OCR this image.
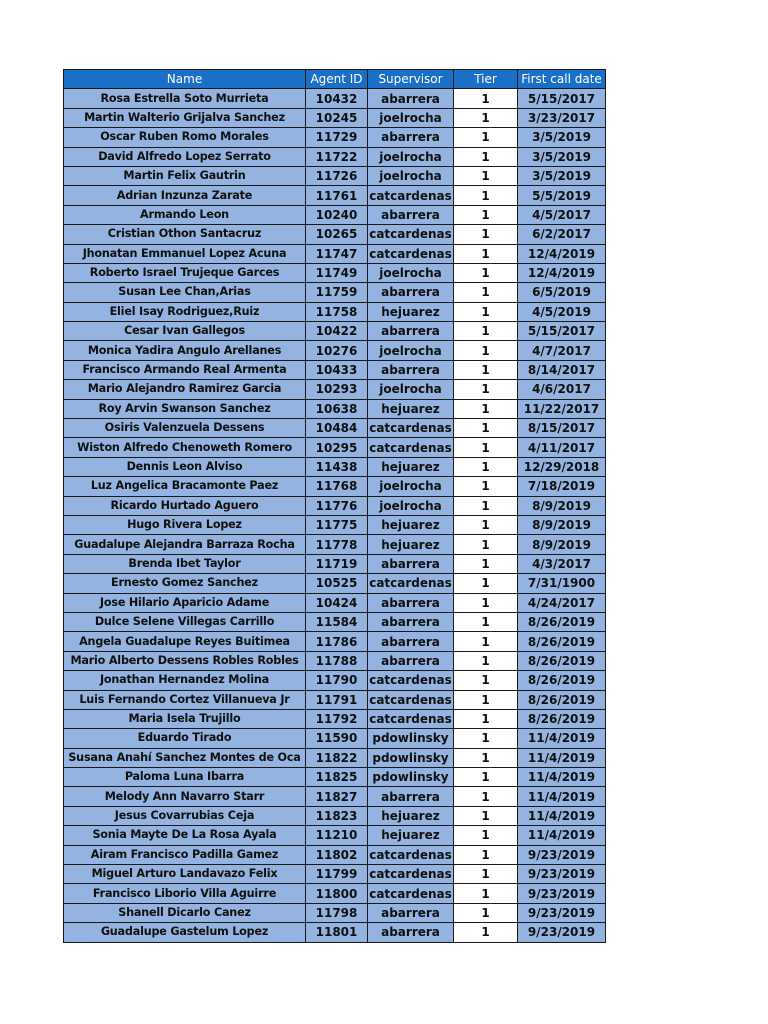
Name	Agent ID	Supervisor	Tier	First call date
Rosa Estrella Soto Murrieta	10432	abarrera	1	5/15/2017
Martin Walterio Grijalva Sanchez	10245	joelrocha	1	3/23/2017
Oscar Ruben Romo Morales	11729	abarrera	1	3/5/2019
David Alfredo Lopez Serrato	11722	joelrocha	1	3/5/2019
Martin Felix Gautrin	11726	joelrocha	1	3/5/2019
Adrian Inzunza Zarate	11761	catcardenas	1	5/5/2019
Armando Leon	10240	abarrera	1	4/5/2017
Cristian Othon Santacruz	10265	catcardenas	1	6/2/2017
Jhonatan Emmanuel Lopez Acuna	11747	catcardenas	1	12/4/2019
Roberto Israel Trujeque Garces	11749	joelrocha	1	12/4/2019
Susan Lee Chan,Arias	11759	abarrera	1	6/5/2019
Eliel Isay Rodriguez,Ruiz	11758	hejuarez	1	4/5/2019
Cesar Ivan Gallegos	10422	abarrera	1	5/15/2017
Monica Yadira Angulo Arellanes	10276	joelrocha	1	4/7/2017
Francisco Armando Real Armenta	10433	abarrera	1	8/14/2017
Mario Alejandro Ramirez Garcia	10293	joelrocha	1	4/6/2017
Roy Arvin Swanson Sanchez	10638	hejuarez	1	11/22/2017
Osiris Valenzuela Dessens	10484	catcardenas	1	8/15/2017
Wiston Alfredo Chenoweth Romero	10295	catcardenas	1	4/11/2017
Dennis Leon Alviso	11438	hejuarez	1	12/29/2018
Luz Angelica Bracamonte Paez	11768	joelrocha	1	7/18/2019
Ricardo Hurtado Aguero	11776	joelrocha	1	8/9/2019
Hugo Rivera Lopez	11775	hejuarez	1	8/9/2019
Guadalupe Alejandra Barraza Rocha	11778	hejuarez	1	8/9/2019
Brenda Ibet Taylor	11719	abarrera	1	4/3/2017
Ernesto Gomez Sanchez	10525	catcardenas	1	7/31/1900
Jose Hilario Aparicio Adame	10424	abarrera	1	4/24/2017
Dulce Selene Villegas Carrillo	11584	abarrera	1	8/26/2019
Angela Guadalupe Reyes Buitimea	11786	abarrera	1	8/26/2019
Mario Alberto Dessens Robles Robles	11788	abarrera	1	8/26/2019
Jonathan Hernandez Molina	11790	catcardenas	1	8/26/2019
Luis Fernando Cortez Villanueva Jr	11791	catcardenas	1	8/26/2019
Maria Isela Trujillo	11792	catcardenas	1	8/26/2019
Eduardo Tirado	11590	pdowlinsky	1	11/4/2019
Susana Anahí Sanchez Montes de Oca	11822	pdowlinsky	1	11/4/2019
Paloma Luna Ibarra	11825	pdowlinsky	1	11/4/2019
Melody Ann Navarro Starr	11827	abarrera	1	11/4/2019
Jesus Covarrubias Ceja	11823	hejuarez	1	11/4/2019
Sonia Mayte De La Rosa Ayala	11210	hejuarez	1	11/4/2019
Airam Francisco Padilla Gamez	11802	catcardenas	1	9/23/2019
Miguel Arturo Landavazo Felix	11799	catcardenas	1	9/23/2019
Francisco Liborio Villa Aguirre	11800	catcardenas	1	9/23/2019
Shanell Dicarlo Canez	11798	abarrera	1	9/23/2019
Guadalupe Gastelum Lopez	11801	abarrera	1	9/23/2019
